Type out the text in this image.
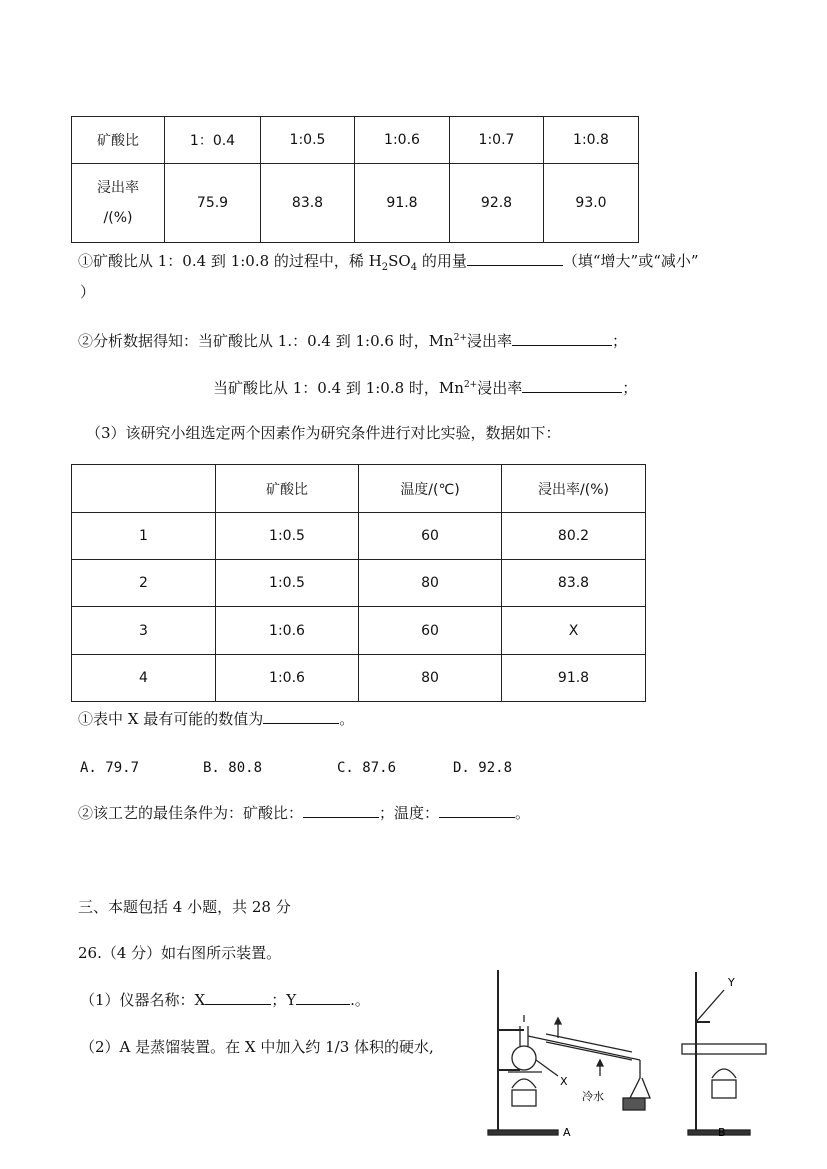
矿酸比	1：0.4	1:0.5	1:0.6	1:0.7	1:0.8

浸出率
/(%)	75.9	83.8	91.8	92.8	93.0
①矿酸比从 1：0.4 到 1:0.8 的过程中，稀 $H_2SO_4$ 的用量	（填“增大”或“减小”
）
②分析数据得知：当矿酸比从 1.：0.4 到 1:0.6 时，$Mn^{2+}$浸出率	；
当矿酸比从 1：0.4 到 1:0.8 时，$Mn^{2+}$浸出率	；
（3）该研究小组选定两个因素作为研究条件进行对比实验，数据如下：
	矿酸比	温度/(℃)	浸出率/(%)
1	1:0.5	60	80.2
2	1:0.5	80	83.8
3	1:0.6	60	X
4	1:0.6	80	91.8
①表中 X 最有可能的数值为	。
A. 79.7	B. 80.8	C. 87.6	D. 92.8
②该工艺的最佳条件为：矿酸比：	；温度：	。
三、本题包括 4 小题，共 28 分
26.（4 分）如右图所示装置。
（1）仪器名称：X	；Y	.。
（2）A 是蒸馏装置。在 X 中加入约 1/3 体积的硬水,
X
冷水
A
Y
B
